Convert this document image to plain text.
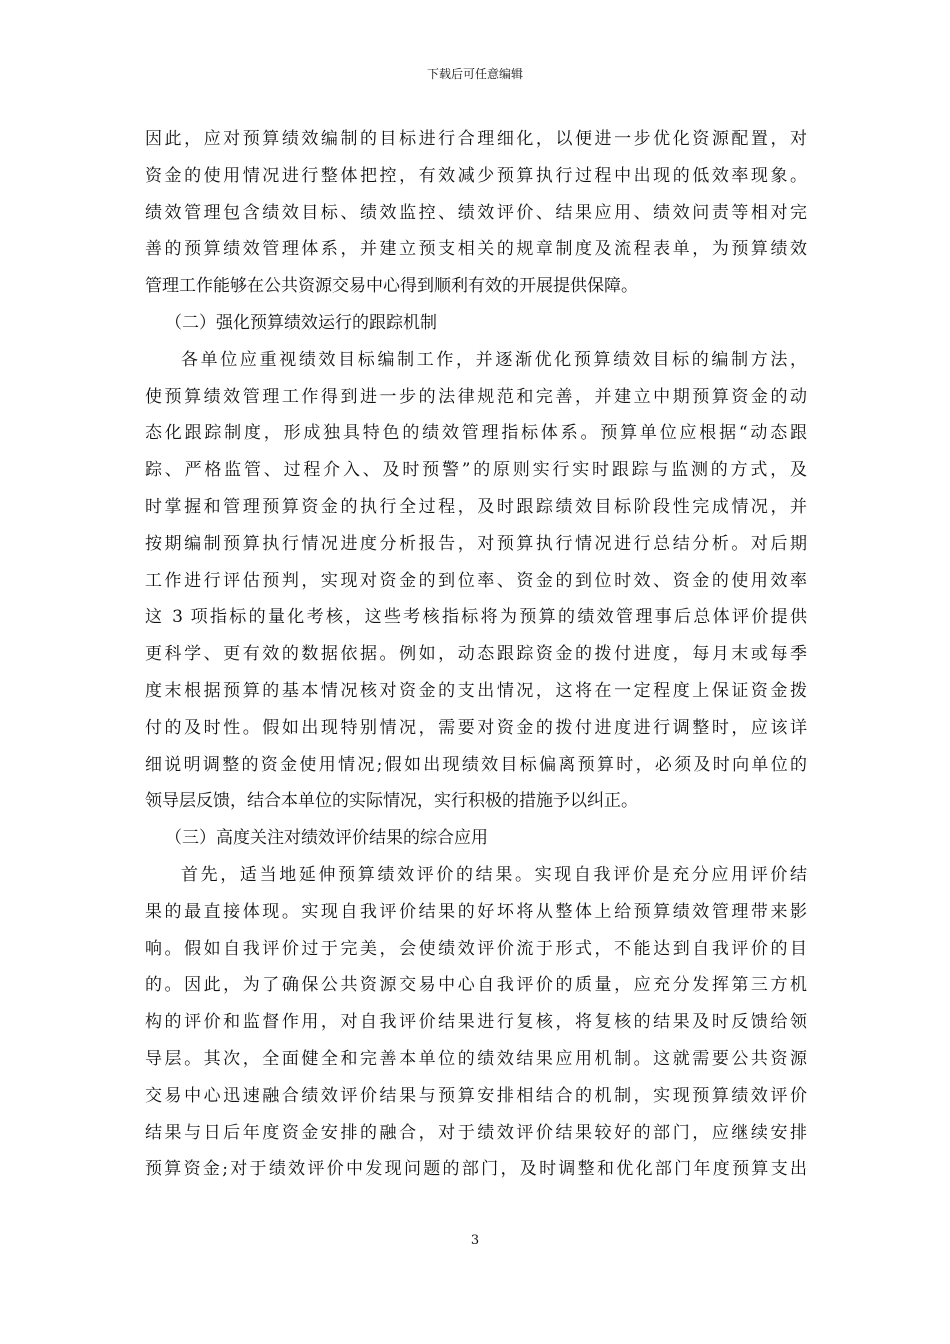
下载后可任意编辑
因此，应对预算绩效编制的目标进行合理细化，以便进一步优化资源配置，对
资金的使用情况进行整体把控，有效减少预算执行过程中出现的低效率现象。
绩效管理包含绩效目标、绩效监控、绩效评价、结果应用、绩效问责等相对完
善的预算绩效管理体系，并建立预支相关的规章制度及流程表单，为预算绩效
管理工作能够在公共资源交易中心得到顺利有效的开展提供保障。
（二）强化预算绩效运行的跟踪机制
各单位应重视绩效目标编制工作，并逐渐优化预算绩效目标的编制方法，
使预算绩效管理工作得到进一步的法律规范和完善，并建立中期预算资金的动
态化跟踪制度，形成独具特色的绩效管理指标体系。预算单位应根据“动态跟
踪、严格监管、过程介入、及时预警”的原则实行实时跟踪与监测的方式，及
时掌握和管理预算资金的执行全过程，及时跟踪绩效目标阶段性完成情况，并
按期编制预算执行情况进度分析报告，对预算执行情况进行总结分析。对后期
工作进行评估预判，实现对资金的到位率、资金的到位时效、资金的使用效率
这 3 项指标的量化考核，这些考核指标将为预算的绩效管理事后总体评价提供
更科学、更有效的数据依据。例如，动态跟踪资金的拨付进度，每月末或每季
度末根据预算的基本情况核对资金的支出情况，这将在一定程度上保证资金拨
付的及时性。假如出现特别情况，需要对资金的拨付进度进行调整时，应该详
细说明调整的资金使用情况;假如出现绩效目标偏离预算时，必须及时向单位的
领导层反馈，结合本单位的实际情况，实行积极的措施予以纠正。
（三）高度关注对绩效评价结果的综合应用
首先，适当地延伸预算绩效评价的结果。实现自我评价是充分应用评价结
果的最直接体现。实现自我评价结果的好坏将从整体上给预算绩效管理带来影
响。假如自我评价过于完美，会使绩效评价流于形式，不能达到自我评价的目
的。因此，为了确保公共资源交易中心自我评价的质量，应充分发挥第三方机
构的评价和监督作用，对自我评价结果进行复核，将复核的结果及时反馈给领
导层。其次，全面健全和完善本单位的绩效结果应用机制。这就需要公共资源
交易中心迅速融合绩效评价结果与预算安排相结合的机制，实现预算绩效评价
结果与日后年度资金安排的融合，对于绩效评价结果较好的部门，应继续安排
预算资金;对于绩效评价中发现问题的部门，及时调整和优化部门年度预算支出
3
